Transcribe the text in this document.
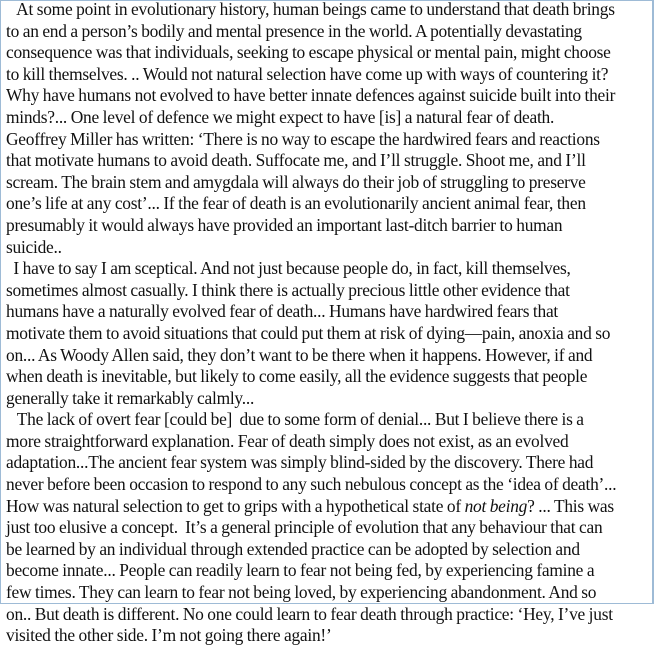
At some point in evolutionary history, human beings came to understand that death brings
to an end a person’s bodily and mental presence in the world. A potentially devastating
consequence was that individuals, seeking to escape physical or mental pain, might choose
to kill themselves. .. Would not natural selection have come up with ways of countering it?
Why have humans not evolved to have better innate defences against suicide built into their
minds?... One level of defence we might expect to have [is] a natural fear of death.
Geoffrey Miller has written: ‘There is no way to escape the hardwired fears and reactions
that motivate humans to avoid death. Suffocate me, and I’ll struggle. Shoot me, and I’ll
scream. The brain stem and amygdala will always do their job of struggling to preserve
one’s life at any cost’... If the fear of death is an evolutionarily ancient animal fear, then
presumably it would always have provided an important last-ditch barrier to human
suicide..
I have to say I am sceptical. And not just because people do, in fact, kill themselves,
sometimes almost casually. I think there is actually precious little other evidence that
humans have a naturally evolved fear of death... Humans have hardwired fears that
motivate them to avoid situations that could put them at risk of dying—pain, anoxia and so
on... As Woody Allen said, they don’t want to be there when it happens. However, if and
when death is inevitable, but likely to come easily, all the evidence suggests that people
generally take it remarkably calmly...
The lack of overt fear [could be]  due to some form of denial... But I believe there is a
more straightforward explanation. Fear of death simply does not exist, as an evolved
adaptation...The ancient fear system was simply blind-sided by the discovery. There had
never before been occasion to respond to any such nebulous concept as the ‘idea of death’...
How was natural selection to get to grips with a hypothetical state of not being? ... This was
just too elusive a concept.  It’s a general principle of evolution that any behaviour that can
be learned by an individual through extended practice can be adopted by selection and
become innate... People can readily learn to fear not being fed, by experiencing famine a
few times. They can learn to fear not being loved, by experiencing abandonment. And so
on.. But death is different. No one could learn to fear death through practice: ‘Hey, I’ve just
visited the other side. I’m not going there again!’
